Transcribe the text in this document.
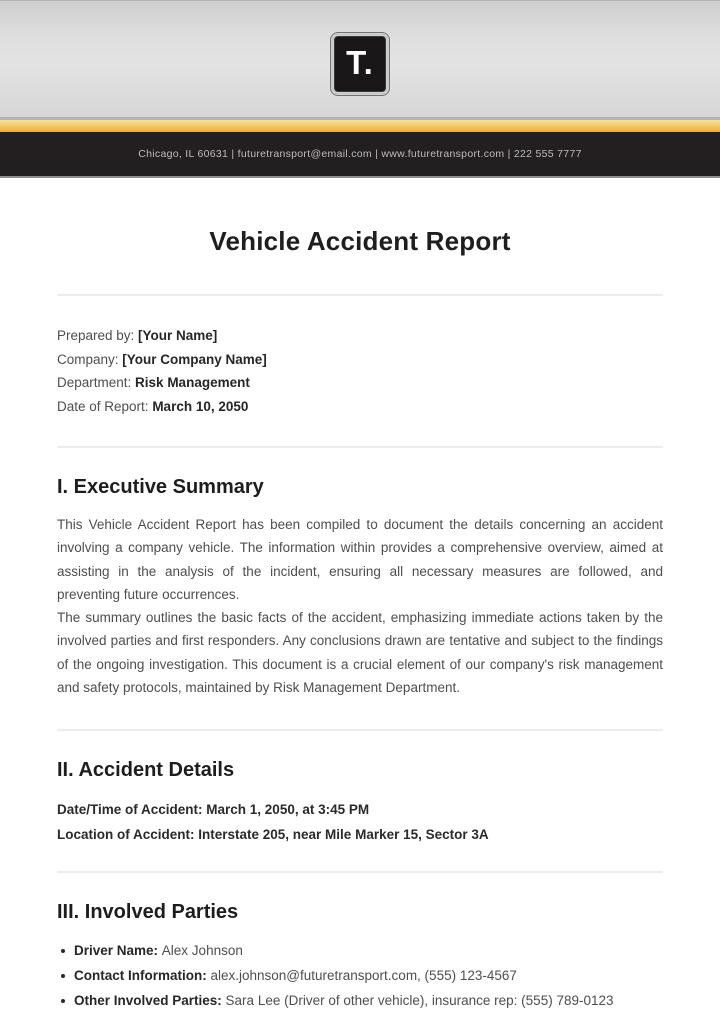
T.
Chicago, IL 60631 | futuretransport@email.com | www.futuretransport.com | 222 555 7777
Vehicle Accident Report
Prepared by: [Your Name]
Company: [Your Company Name]
Department: Risk Management
Date of Report: March 10, 2050
I. Executive Summary

This Vehicle Accident Report has been compiled to document the details concerning an accident involving a company vehicle. The information within provides a comprehensive overview, aimed at assisting in the analysis of the incident, ensuring all necessary measures are followed, and preventing future occurrences.

The summary outlines the basic facts of the accident, emphasizing immediate actions taken by the involved parties and first responders. Any conclusions drawn are tentative and subject to the findings of the ongoing investigation. This document is a crucial element of our company's risk management and safety protocols, maintained by Risk Management Department.

II. Accident Details
Date/Time of Accident: March 1, 2050, at 3:45 PM
Location of Accident: Interstate 205, near Mile Marker 15, Sector 3A
III. Involved Parties
Driver Name: Alex Johnson
Contact Information: alex.johnson@futuretransport.com, (555) 123-4567
Other Involved Parties: Sara Lee (Driver of other vehicle), insurance rep: (555) 789-0123
